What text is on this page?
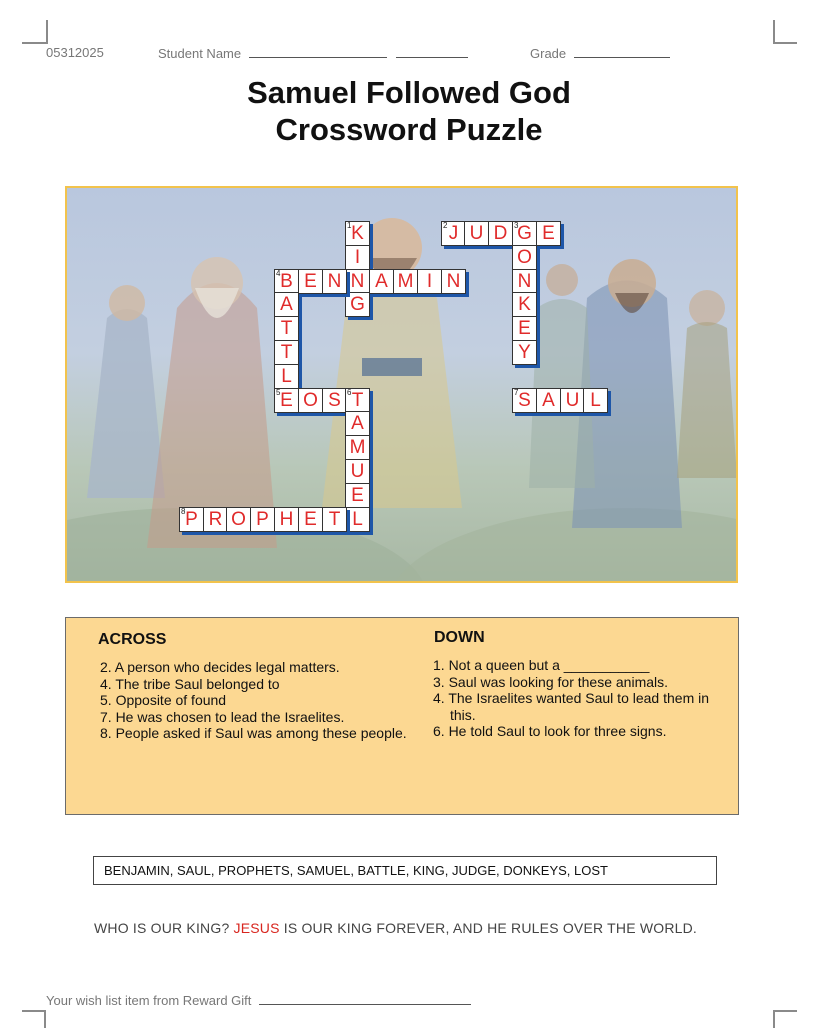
05312025	Student Name	Grade
Samuel Followed God
Crossword Puzzle
K
1
I
N
G
J
2 U D G
3	E
O
N
K
E
Y
B
4	E N	A M I N
A
T
T
L
E
5 O S T
6
A
M
U
E
L
S
7	A U L
P
8 R O P H E T
ACROSS
2. A person who decides legal matters.
4. The tribe Saul belonged to
5. Opposite of found
7. He was chosen to lead the Israelites.
8. People asked if Saul was among these people.
DOWN
1. Not a queen but a ___________
3. Saul was looking for these animals.
4. The Israelites wanted Saul to lead them in this.
6. He told Saul to look for three signs.
BENJAMIN, SAUL, PROPHETS, SAMUEL, BATTLE, KING, JUDGE, DONKEYS, LOST
WHO IS OUR KING? JESUS IS OUR KING FOREVER, AND HE RULES OVER THE WORLD.
Your wish list item from Reward Gift
